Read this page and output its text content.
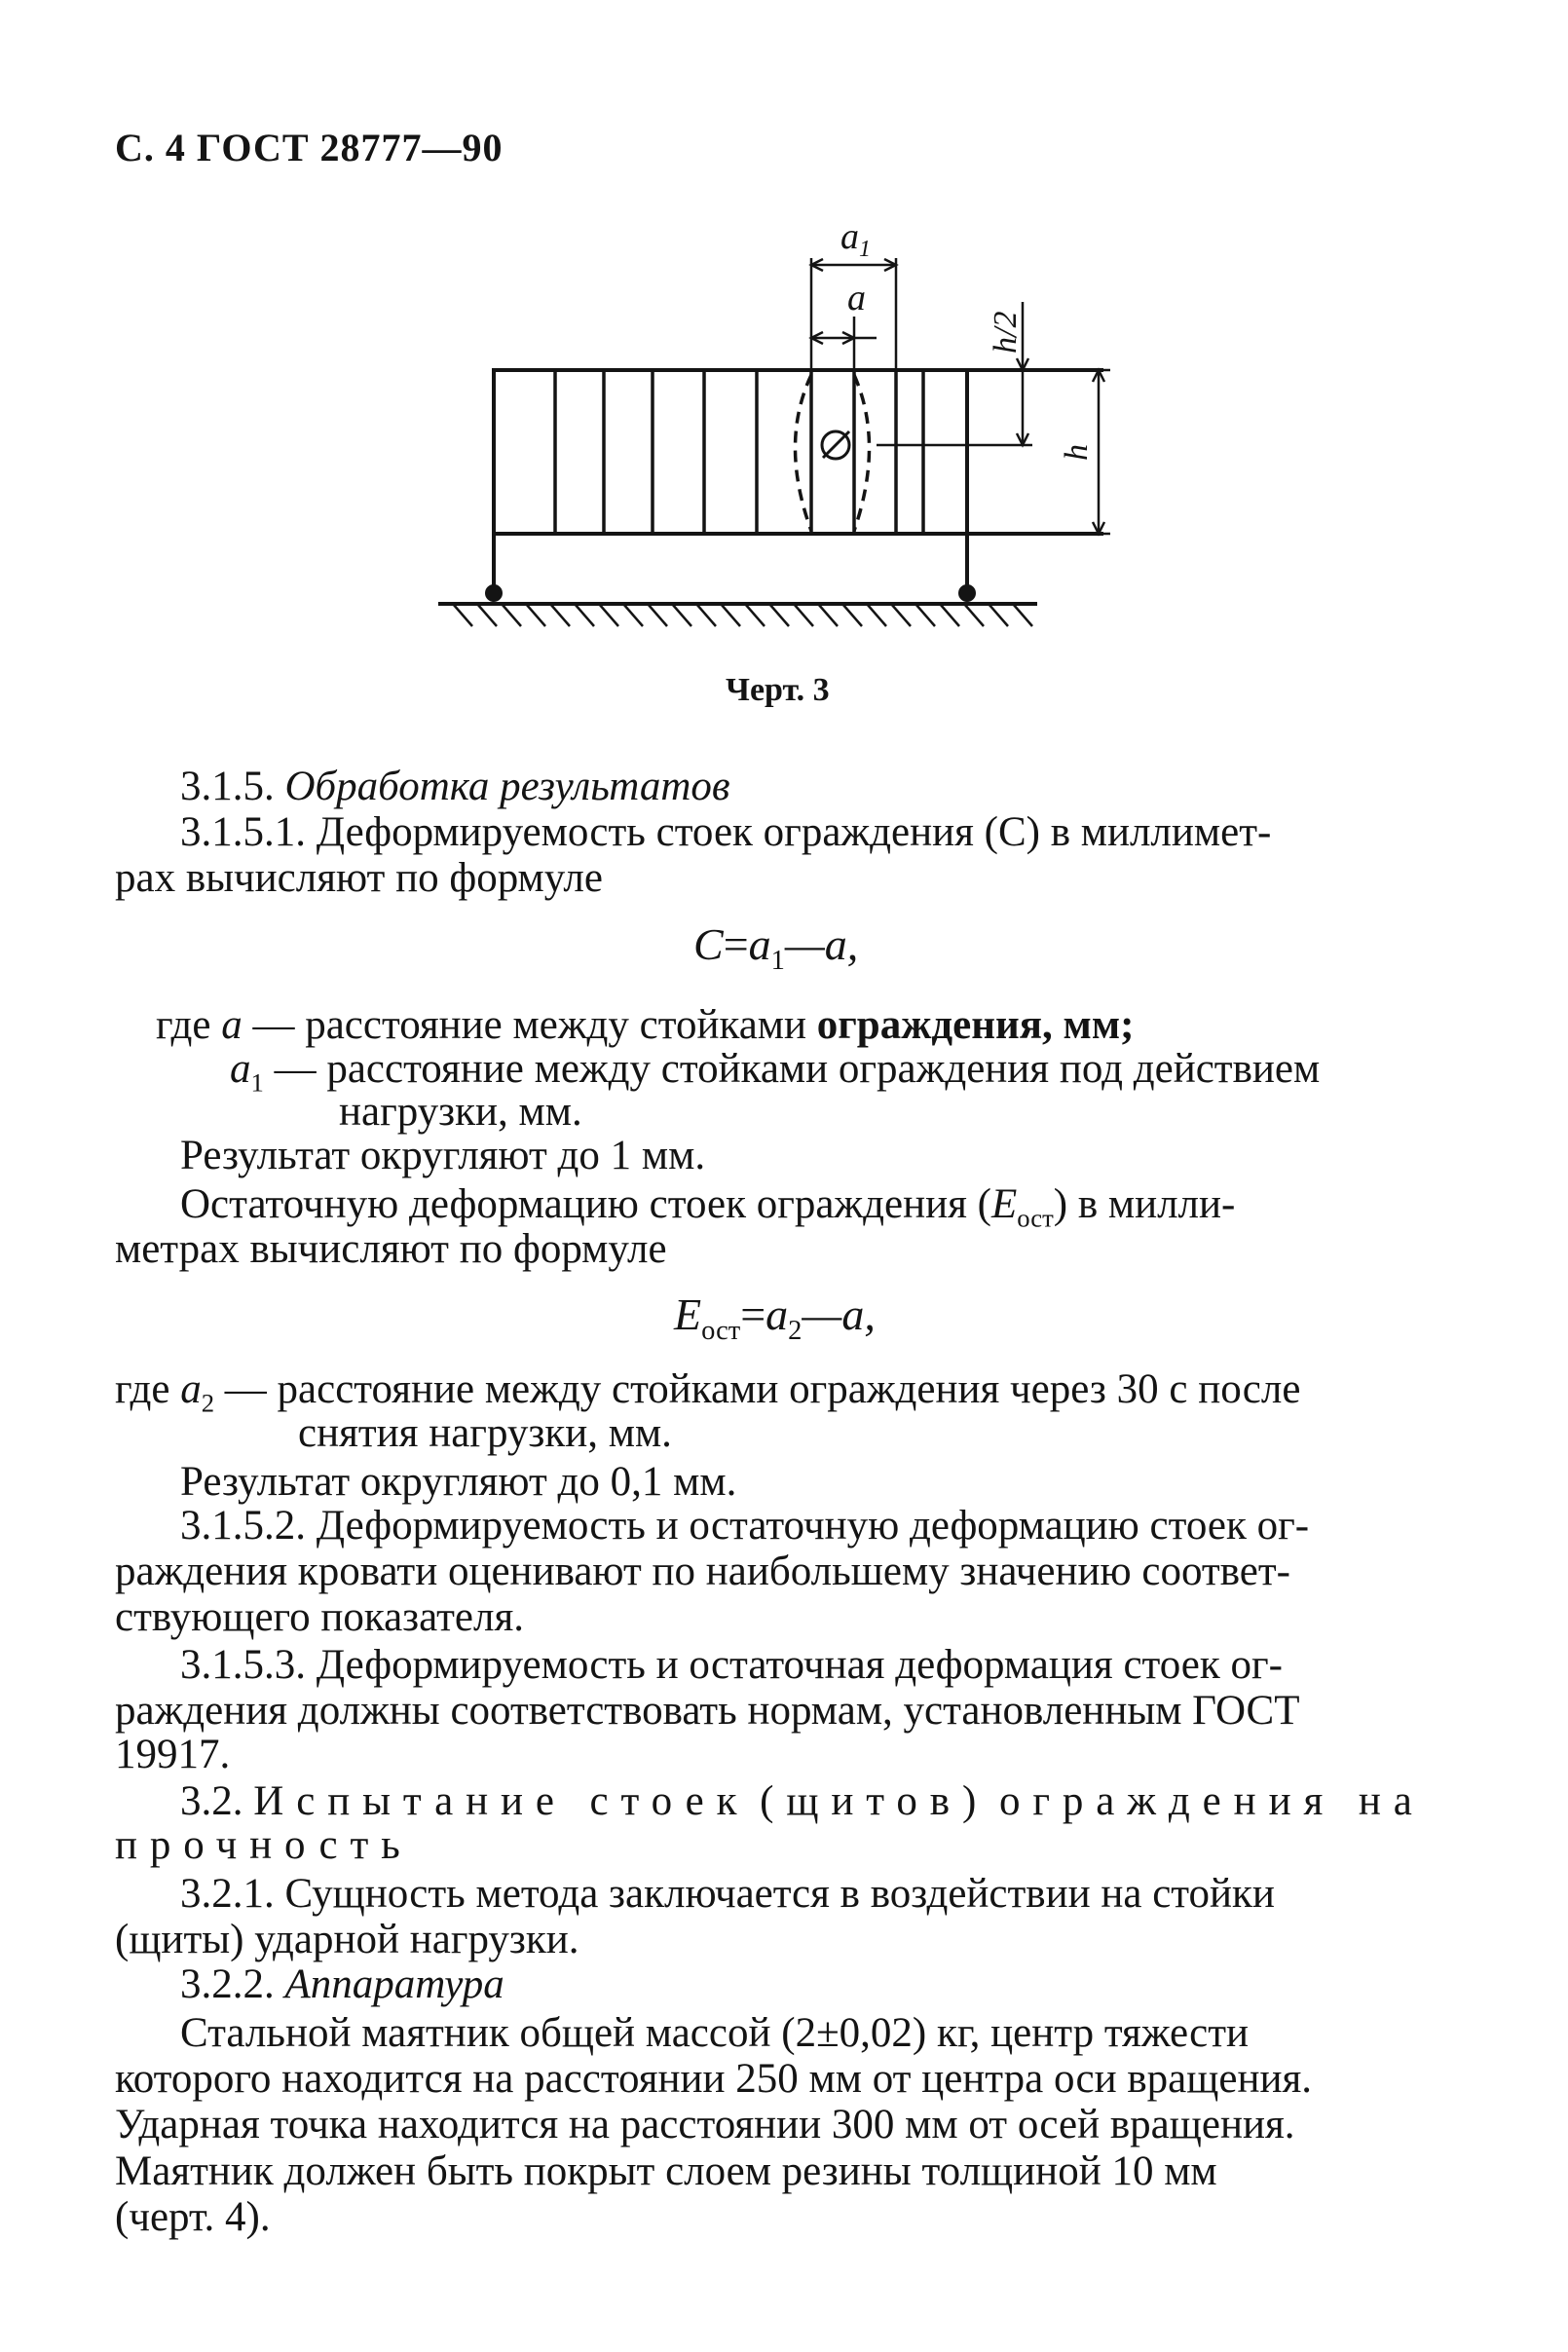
С. 4 ГОСТ 28777—90
$a_1$
a
h/2
h
Черт. 3
3.1.5. Обработка результатов
3.1.5.1. Деформируемость стоек ограждения (C) в миллимет-
рах вычисляют по формуле
$C=a_1—a$,
где a — расстояние между стойками ограждения, мм;
$a_1$ — расстояние между стойками ограждения под действием
нагрузки, мм.
Результат округляют до 1 мм.
Остаточную деформацию стоек ограждения $(E_{ост})$ в милли-
метрах вычисляют по формуле
$E_{ост}=a_2—a$,
где $a_2$ — расстояние между стойками ограждения через 30 с после
снятия нагрузки, мм.
Результат округляют до 0,1 мм.
3.1.5.2. Деформируемость и остаточную деформацию стоек ог-
раждения кровати оценивают по наибольшему значению соответ-
ствующего показателя.
3.1.5.3. Деформируемость и остаточная деформация стоек ог-
раждения должны соответствовать нормам, установленным ГОСТ
19917.
3.2. Испытание стоек (щитов) ограждения на
прочность
3.2.1. Сущность метода заключается в воздействии на стойки
(щиты) ударной нагрузки.
3.2.2. Аппаратура
Стальной маятник общей массой (2±0,02) кг, центр тяжести
которого находится на расстоянии 250 мм от центра оси вращения.
Ударная точка находится на расстоянии 300 мм от осей вращения.
Маятник должен быть покрыт слоем резины толщиной 10 мм
(черт. 4).
